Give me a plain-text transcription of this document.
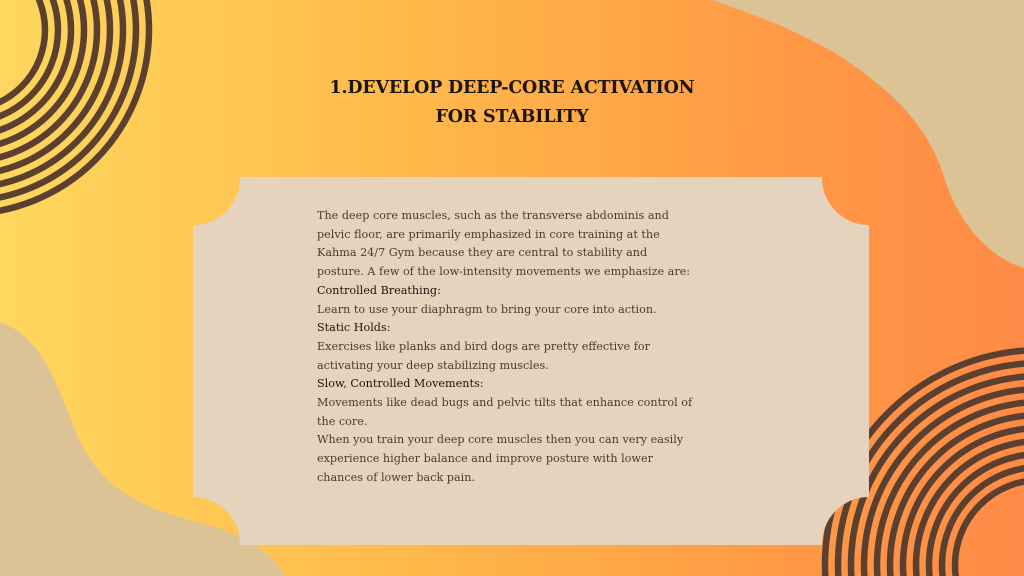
1.DEVELOP DEEP-CORE ACTIVATION
FOR STABILITY

The deep core muscles, such as the transverse abdominis and pelvic floor, are primarily emphasized in core training at the Kahma 24/7 Gym because they are central to stability and posture. A few of the low-intensity movements we emphasize are:

Controlled Breathing:

Learn to use your diaphragm to bring your core into action.

Static Holds:

Exercises like planks and bird dogs are pretty effective for activating your deep stabilizing muscles.

Slow, Controlled Movements:

Movements like dead bugs and pelvic tilts that enhance control of the core.

When you train your deep core muscles then you can very easily experience higher balance and improve posture with lower chances of lower back pain.
